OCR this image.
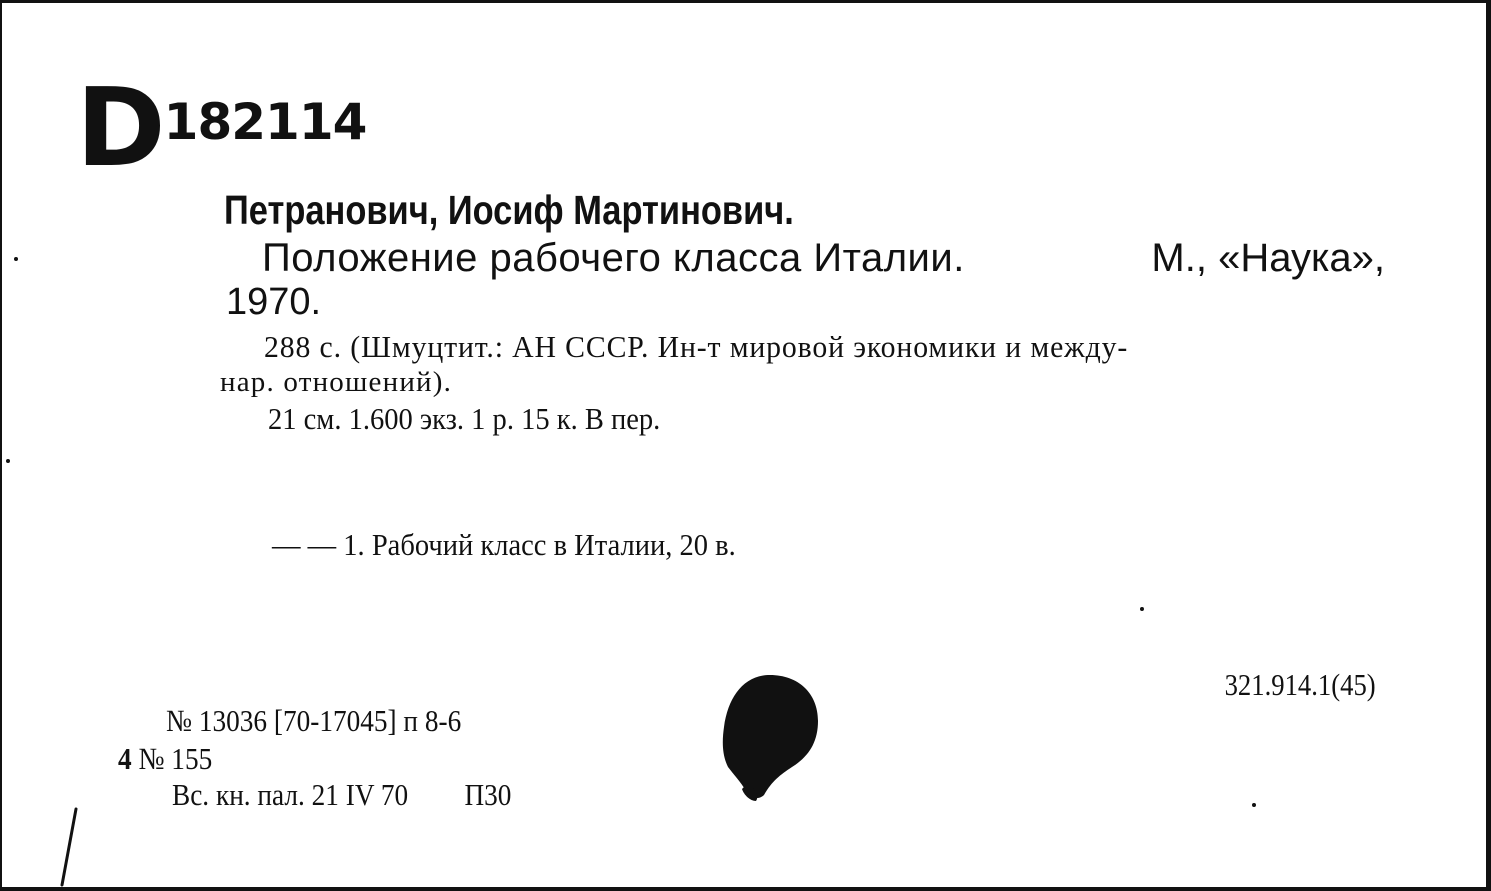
D182114
Петранович, Иосиф Мартинович.
Положение рабочего класса Италии.	М., «Наука»,
1970.
288 с. (Шмуцтит.: АН СССР. Ин-т мировой экономики и между-
нар. отношений).
21 см. 1.600 экз. 1 р. 15 к. В пер.
— — 1. Рабочий класс в Италии, 20 в.
321.914.1(45)
№ 13036 [70-17045] п 8-6
4 № 155
Вс. кн. пал. 21 IV 70 П30
